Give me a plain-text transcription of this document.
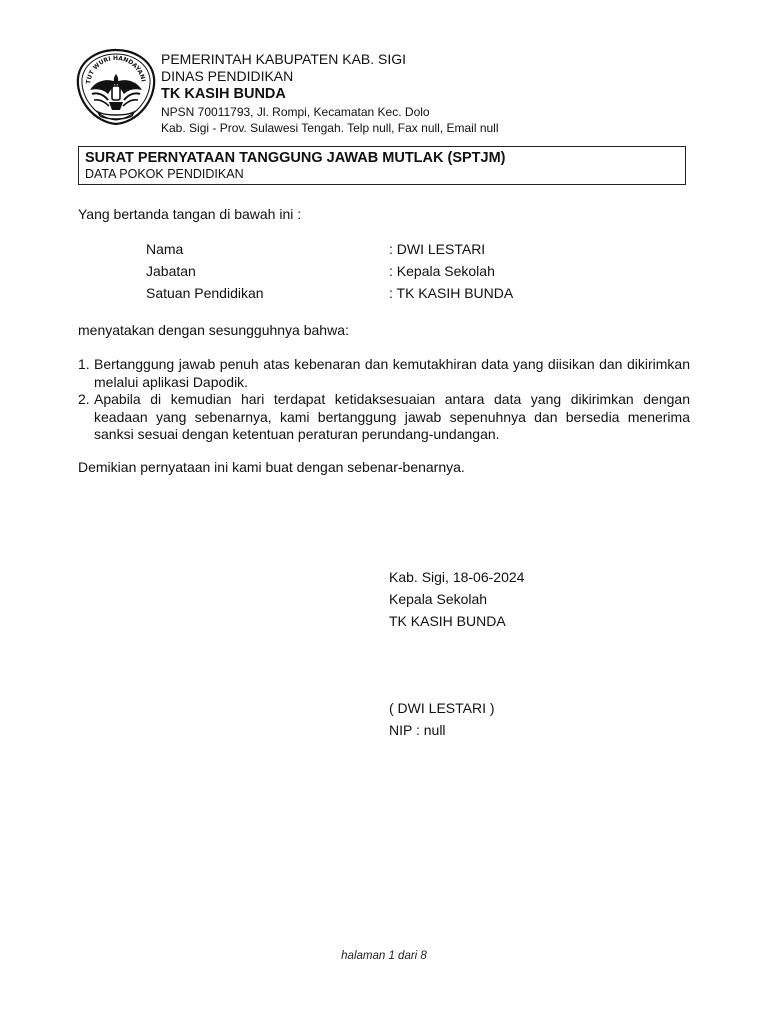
TUT WURI HANDAYANI
PEMERINTAH KABUPATEN KAB. SIGI
DINAS PENDIDIKAN
TK KASIH BUNDA
NPSN 70011793, Jl. Rompi, Kecamatan Kec. Dolo
Kab. Sigi - Prov. Sulawesi Tengah. Telp null, Fax null, Email null
SURAT PERNYATAAN TANGGUNG JAWAB MUTLAK (SPTJM)
DATA POKOK PENDIDIKAN
Yang bertanda tangan di bawah ini :
Nama	: DWI LESTARI
Jabatan	: Kepala Sekolah
Satuan Pendidikan	: TK KASIH BUNDA
menyatakan dengan sesungguhnya bahwa:
1. Bertanggung jawab penuh atas kebenaran dan kemutakhiran data yang diisikan dan dikirimkan melalui aplikasi Dapodik.
2. Apabila di kemudian hari terdapat ketidaksesuaian antara data yang dikirimkan dengan keadaan yang sebenarnya, kami bertanggung jawab sepenuhnya dan bersedia menerima sanksi sesuai dengan ketentuan peraturan perundang-undangan.
Demikian pernyataan ini kami buat dengan sebenar-benarnya.
Kab. Sigi, 18-06-2024
Kepala Sekolah
TK KASIH BUNDA
( DWI LESTARI )
NIP : null
halaman 1 dari 8
